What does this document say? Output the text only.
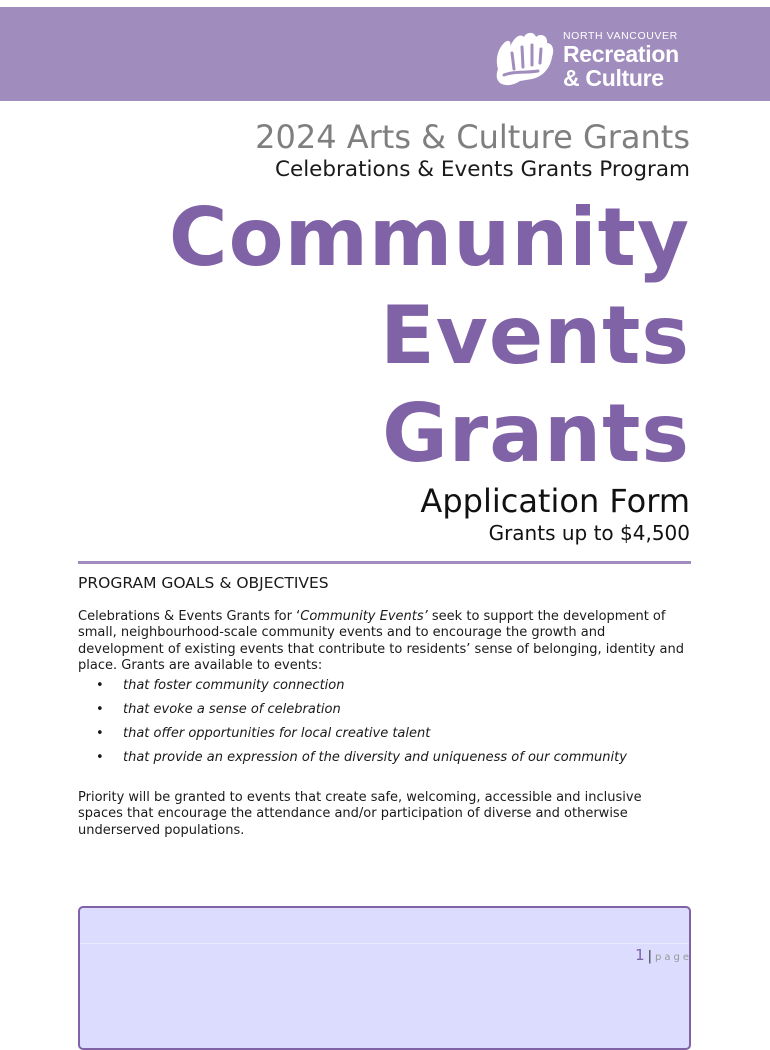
NORTH VANCOUVER
Recreation
& Culture
2024 Arts & Culture Grants
Celebrations & Events Grants Program
Community
Events
Grants
Application Form
Grants up to $4,500
PROGRAM GOALS & OBJECTIVES
Celebrations & Events Grants for ‘Community Events’ seek to support the development of small, neighbourhood-scale community events and to encourage the growth and development of existing events that contribute to residents’ sense of belonging, identity and place. Grants are available to events:
• that foster community connection
• that evoke a sense of celebration
• that offer opportunities for local creative talent
• that provide an expression of the diversity and uniqueness of our community
Priority will be granted to events that create safe, welcoming, accessible and inclusive spaces that encourage the attendance and/or participation of diverse and otherwise underserved populations.
1 | page
